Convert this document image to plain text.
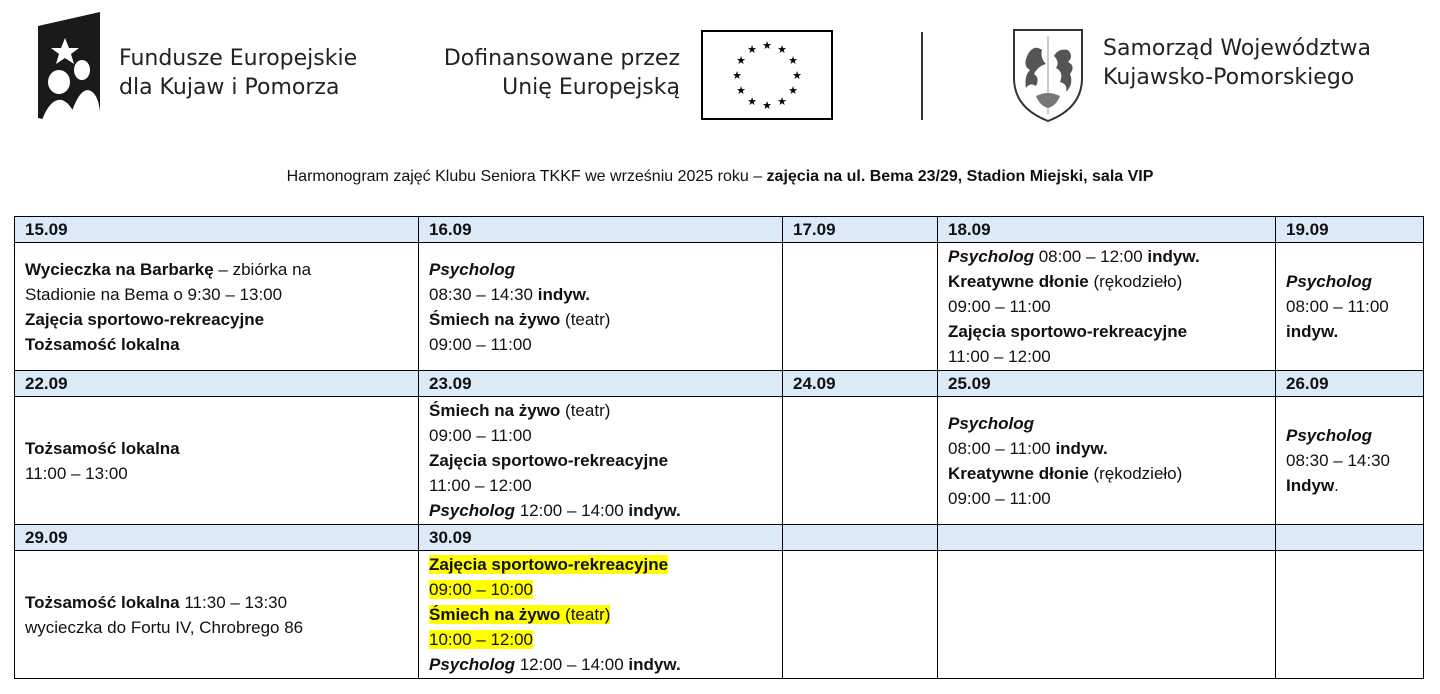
Fundusze Europejskie
dla Kujaw i Pomorza
Dofinansowane przez
Unię Europejską
★ ★
★
★
★
★
★
★
★
★
★
★	Samorząd Województwa
Kujawsko-Pomorskiego
Harmonogram zajęć Klubu Seniora TKKF we wrześniu 2025 roku – zajęcia na ul. Bema 23/29, Stadion Miejski, sala VIP
15.09	16.09	17.09	18.09	19.09

Wycieczka na Barbarkę – zbiórka na
Stadionie na Bema o 9:30 – 13:00
Zajęcia sportowo-rekreacyjne
Tożsamość lokalna	Psycholog
08:30 – 14:30 indyw.
Śmiech na żywo (teatr)
09:00 – 11:00		Psycholog 08:00 – 12:00 indyw.
Kreatywne dłonie (rękodzieło)
09:00 – 11:00
Zajęcia sportowo-rekreacyjne
11:00 – 12:00	Psycholog
08:00 – 11:00
indyw.

22.09	23.09	24.09	25.09	26.09

Tożsamość lokalna
11:00 – 13:00	Śmiech na żywo (teatr)
09:00 – 11:00
Zajęcia sportowo-rekreacyjne
11:00 – 12:00
Psycholog 12:00 – 14:00 indyw.		Psycholog
08:00 – 11:00 indyw.
Kreatywne dłonie (rękodzieło)
09:00 – 11:00	Psycholog
08:30 – 14:30
Indyw.

29.09	30.09			

Tożsamość lokalna 11:30 – 13:30
wycieczka do Fortu IV, Chrobrego 86	Zajęcia sportowo-rekreacyjne
09:00 – 10:00
Śmiech na żywo (teatr)
10:00 – 12:00
Psycholog 12:00 – 14:00 indyw.			
